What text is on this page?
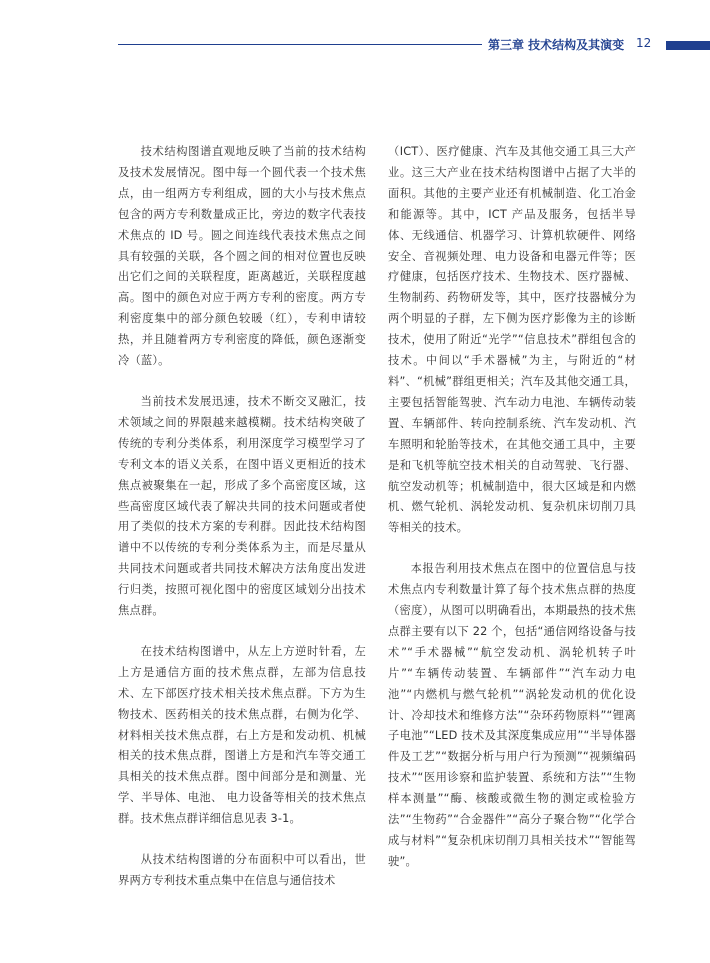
第三章 技术结构及其演变 12

技术结构图谱直观地反映了当前的技术结构及技术发展情况。图中每一个圆代表一个技术焦点，由一组两方专利组成，圆的大小与技术焦点包含的两方专利数量成正比，旁边的数字代表技术焦点的 ID 号。圆之间连线代表技术焦点之间具有较强的关联，各个圆之间的相对位置也反映出它们之间的关联程度，距离越近，关联程度越高。图中的颜色对应于两方专利的密度。两方专利密度集中的部分颜色较暖（红），专利申请较热，并且随着两方专利密度的降低，颜色逐渐变冷（蓝）。

当前技术发展迅速，技术不断交叉融汇，技术领域之间的界限越来越模糊。技术结构突破了传统的专利分类体系，利用深度学习模型学习了专利文本的语义关系，在图中语义更相近的技术焦点被聚集在一起，形成了多个高密度区域，这些高密度区域代表了解决共同的技术问题或者使用了类似的技术方案的专利群。因此技术结构图谱中不以传统的专利分类体系为主，而是尽量从共同技术问题或者共同技术解决方法角度出发进行归类，按照可视化图中的密度区域划分出技术焦点群。

在技术结构图谱中，从左上方逆时针看，左上方是通信方面的技术焦点群，左部为信息技术、左下部医疗技术相关技术焦点群。下方为生物技术、医药相关的技术焦点群，右侧为化学、材料相关技术焦点群，右上方是和发动机、机械相关的技术焦点群，图谱上方是和汽车等交通工具相关的技术焦点群。图中间部分是和测量、光学、半导体、电池、 电力设备等相关的技术焦点群。技术焦点群详细信息见表 3-1。

从技术结构图谱的分布面积中可以看出，世界两方专利技术重点集中在信息与通信技术

（ICT）、医疗健康、汽车及其他交通工具三大产业。这三大产业在技术结构图谱中占据了大半的面积。其他的主要产业还有机械制造、化工冶金和能源等。其中，ICT 产品及服务，包括半导体、无线通信、机器学习、计算机软硬件、网络安全、音视频处理、电力设备和电器元件等；医疗健康，包括医疗技术、生物技术、医疗器械、生物制药、药物研发等，其中，医疗技器械分为两个明显的子群，左下侧为医疗影像为主的诊断技术，使用了附近“光学”“信息技术”群组包含的技术。中间以“手术器械”为主，与附近的“材料”、“机械”群组更相关；汽车及其他交通工具，主要包括智能驾驶、汽车动力电池、车辆传动装置、车辆部件、转向控制系统、汽车发动机、汽车照明和轮胎等技术，在其他交通工具中，主要是和飞机等航空技术相关的自动驾驶、飞行器、航空发动机等；机械制造中，很大区域是和内燃机、燃气轮机、涡轮发动机、复杂机床切削刀具等相关的技术。

本报告利用技术焦点在图中的位置信息与技术焦点内专利数量计算了每个技术焦点群的热度（密度），从图可以明确看出，本期最热的技术焦点群主要有以下 22 个，包括“通信网络设备与技术”“手术器械”“航空发动机、涡轮机转子叶片”“车辆传动装置、车辆部件”“汽车动力电池”“内燃机与燃气轮机”“涡轮发动机的优化设计、冷却技术和维修方法”“杂环药物原料”“锂离子电池”“LED 技术及其深度集成应用”“半导体器件及工艺”“数据分析与用户行为预测”“视频编码技术”“医用诊察和监护装置、系统和方法”“生物样本测量”“酶、核酸或微生物的测定或检验方法”“生物药”“合金器件”“高分子聚合物”“化学合成与材料”“复杂机床切削刀具相关技术”“智能驾驶”。
